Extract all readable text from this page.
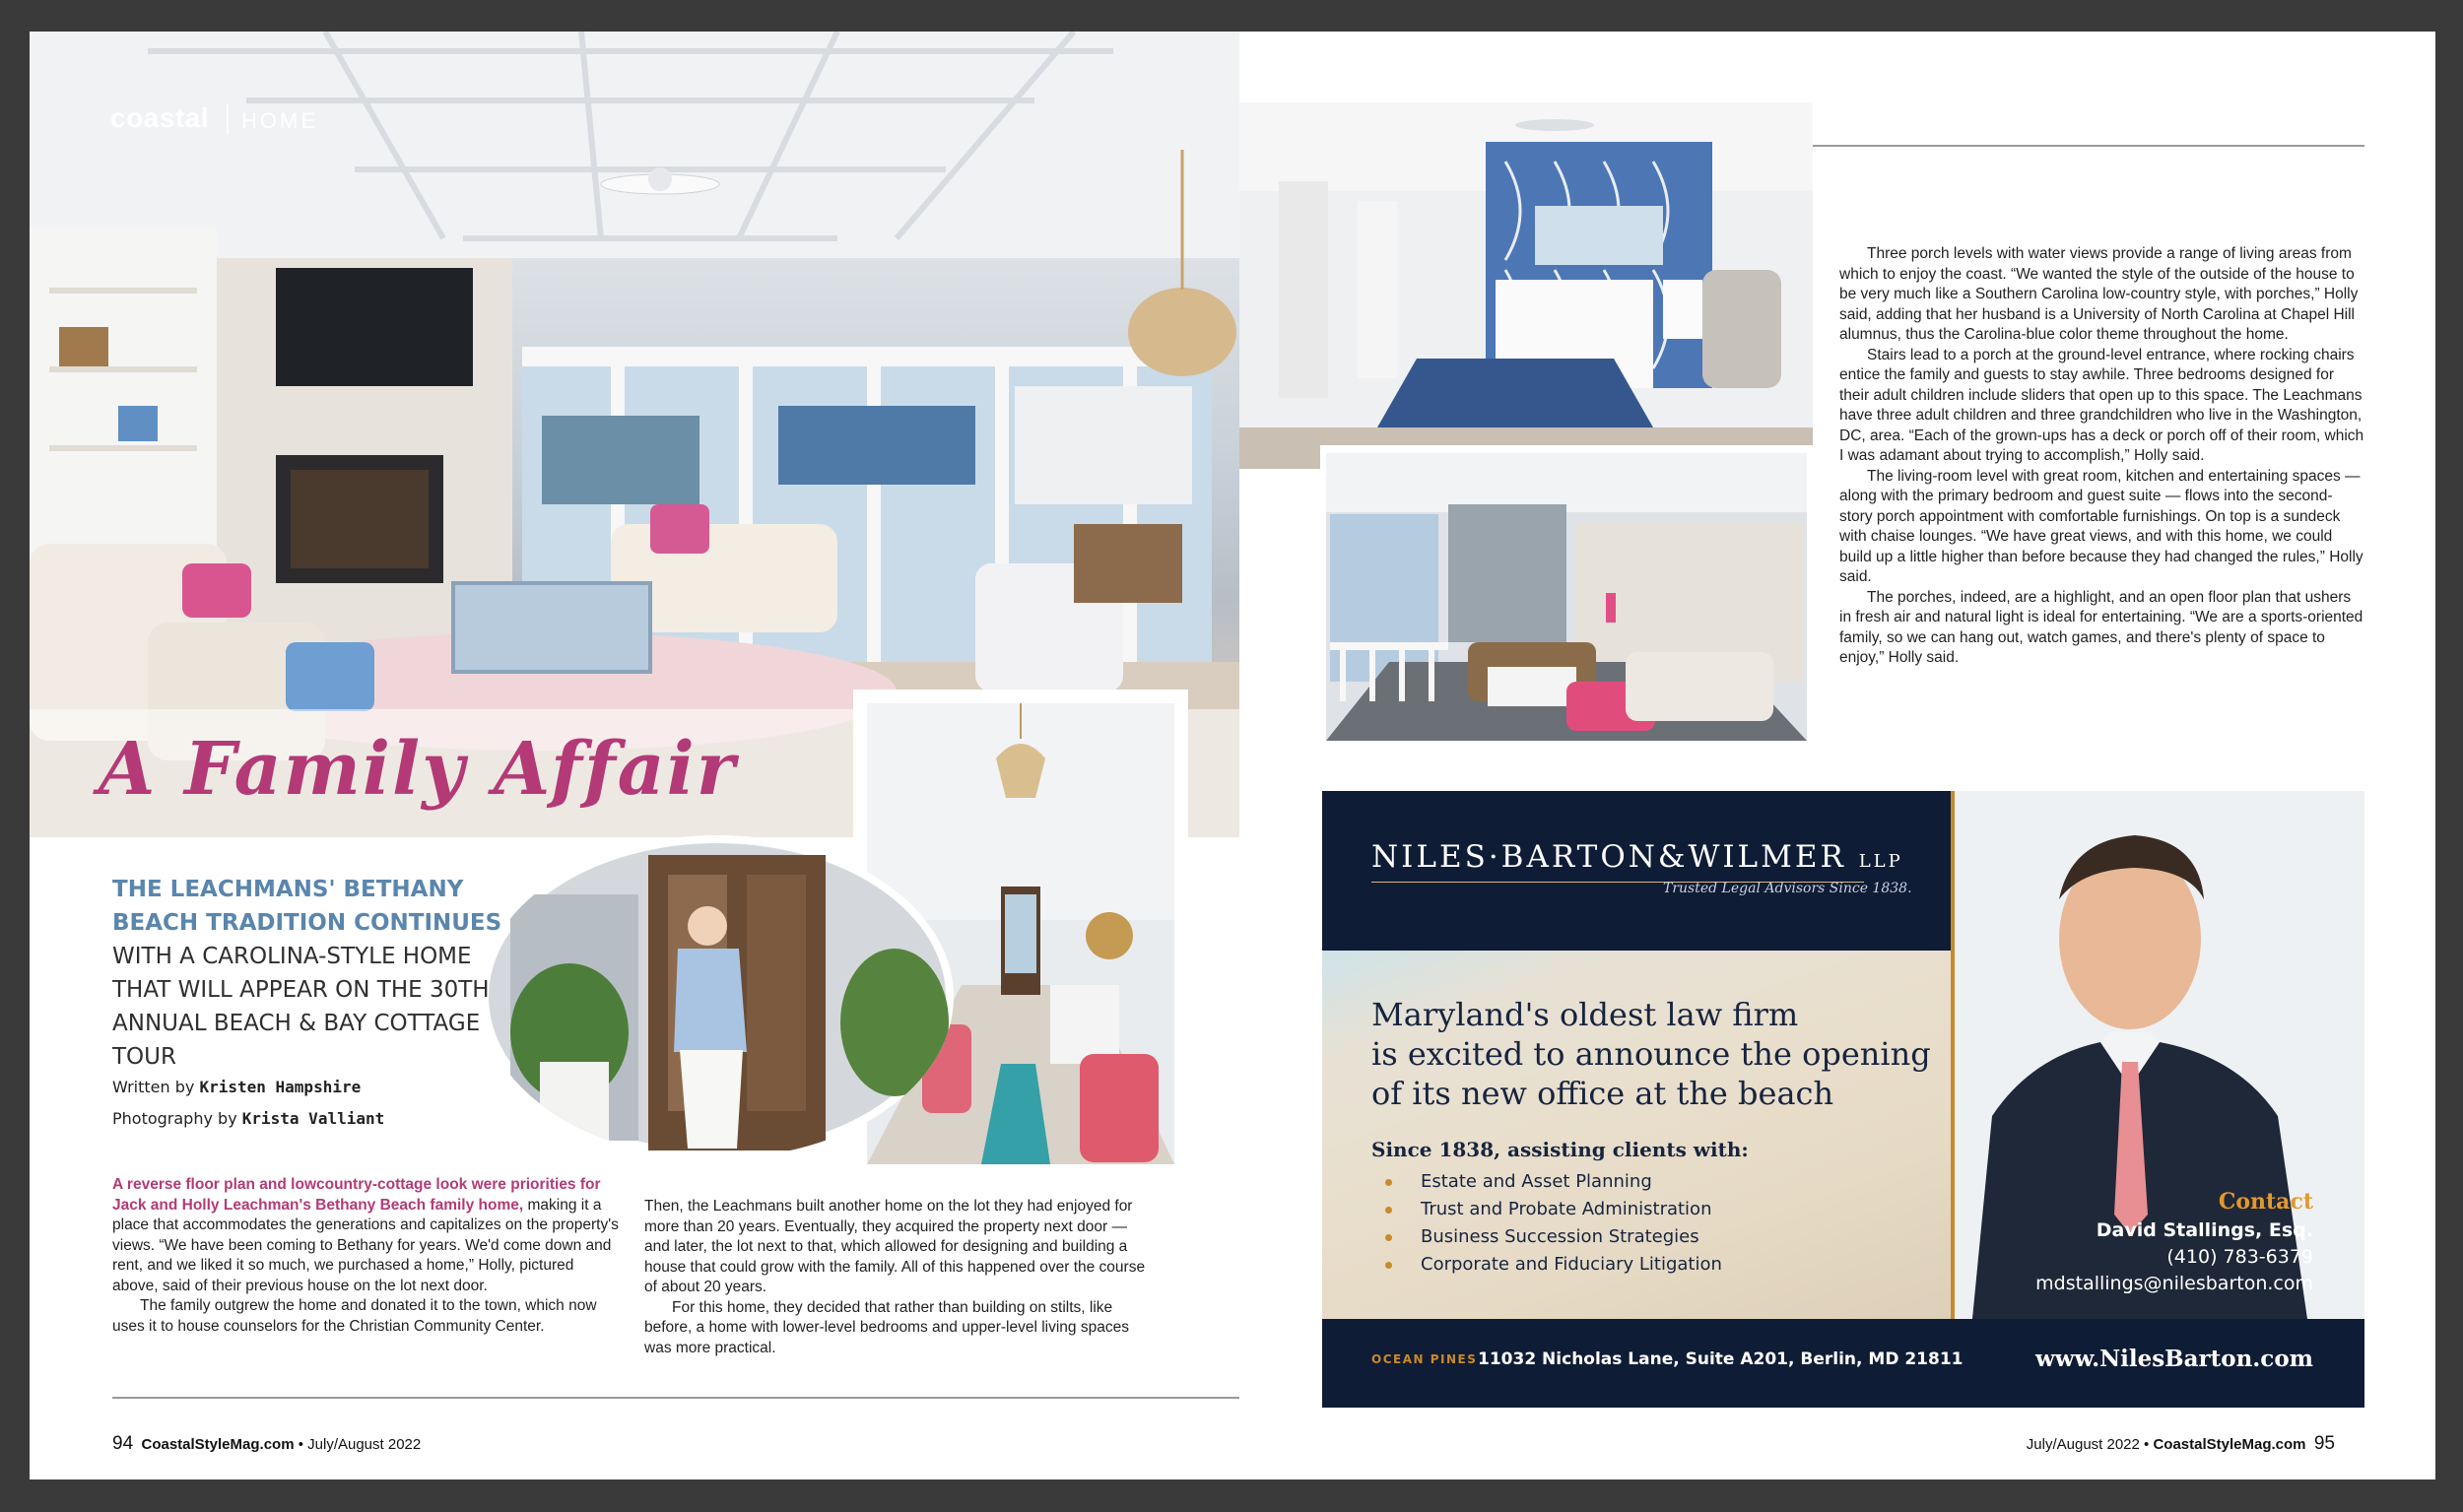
coastal HOME
A Family Affair
THE LEACHMANS' BETHANY BEACH TRADITION CONTINUES WITH A CAROLINA-STYLE HOME THAT WILL APPEAR ON THE 30TH ANNUAL BEACH & BAY COTTAGE TOUR
Written by Kristen Hampshire
Photography by Krista Valliant
A reverse floor plan and lowcountry-cottage look were priorities for Jack and Holly Leachman's Bethany Beach family home, making it a place that accommodates the generations and capitalizes on the property's views. “We have been coming to Bethany for years. We'd come down and rent, and we liked it so much, we purchased a home,” Holly, pictured above, said of their previous house on the lot next door.
The family outgrew the home and donated it to the town, which now uses it to house counselors for the Christian Community Center.
Then, the Leachmans built another home on the lot they had enjoyed for more than 20 years. Eventually, they acquired the property next door — and later, the lot next to that, which allowed for designing and building a house that could grow with the family. All of this happened over the course of about 20 years.
For this home, they decided that rather than building on stilts, like before, a home with lower-level bedrooms and upper-level living spaces was more practical.
Three porch levels with water views provide a range of living areas from which to enjoy the coast. “We wanted the style of the outside of the house to be very much like a Southern Carolina low-country style, with porches,” Holly said, adding that her husband is a University of North Carolina at Chapel Hill alumnus, thus the Carolina-blue color theme throughout the home.
Stairs lead to a porch at the ground-level entrance, where rocking chairs entice the family and guests to stay awhile. Three bedrooms designed for their adult children include sliders that open up to this space. The Leachmans have three adult children and three grandchildren who live in the Washington, DC, area. “Each of the grown-ups has a deck or porch off of their room, which I was adamant about trying to accomplish,” Holly said.
The living-room level with great room, kitchen and entertaining spaces — along with the primary bedroom and guest suite — flows into the second-story porch appointment with comfortable furnishings. On top is a sundeck with chaise lounges. “We have great views, and with this home, we could build up a little higher than before because they had changed the rules,” Holly said.
The porches, indeed, are a highlight, and an open floor plan that ushers in fresh air and natural light is ideal for entertaining. “We are a sports-oriented family, so we can hang out, watch games, and there's plenty of space to enjoy,” Holly said.
NILES·BARTON&WILMER LLP
Trusted Legal Advisors Since 1838.
Maryland's oldest law firm
is excited to announce the opening
of its new office at the beach
Since 1838, assisting clients with:
Estate and Asset Planning
Trust and Probate Administration
Business Succession Strategies
Corporate and Fiduciary Litigation
Contact
David Stallings, Esq.
(410) 783-6379
mdstallings@nilesbarton.com
OCEAN PINES 11032 Nicholas Lane, Suite A201, Berlin, MD 21811	www.NilesBarton.com
94 CoastalStyleMag.com • July/August 2022	July/August 2022 • CoastalStyleMag.com 95
